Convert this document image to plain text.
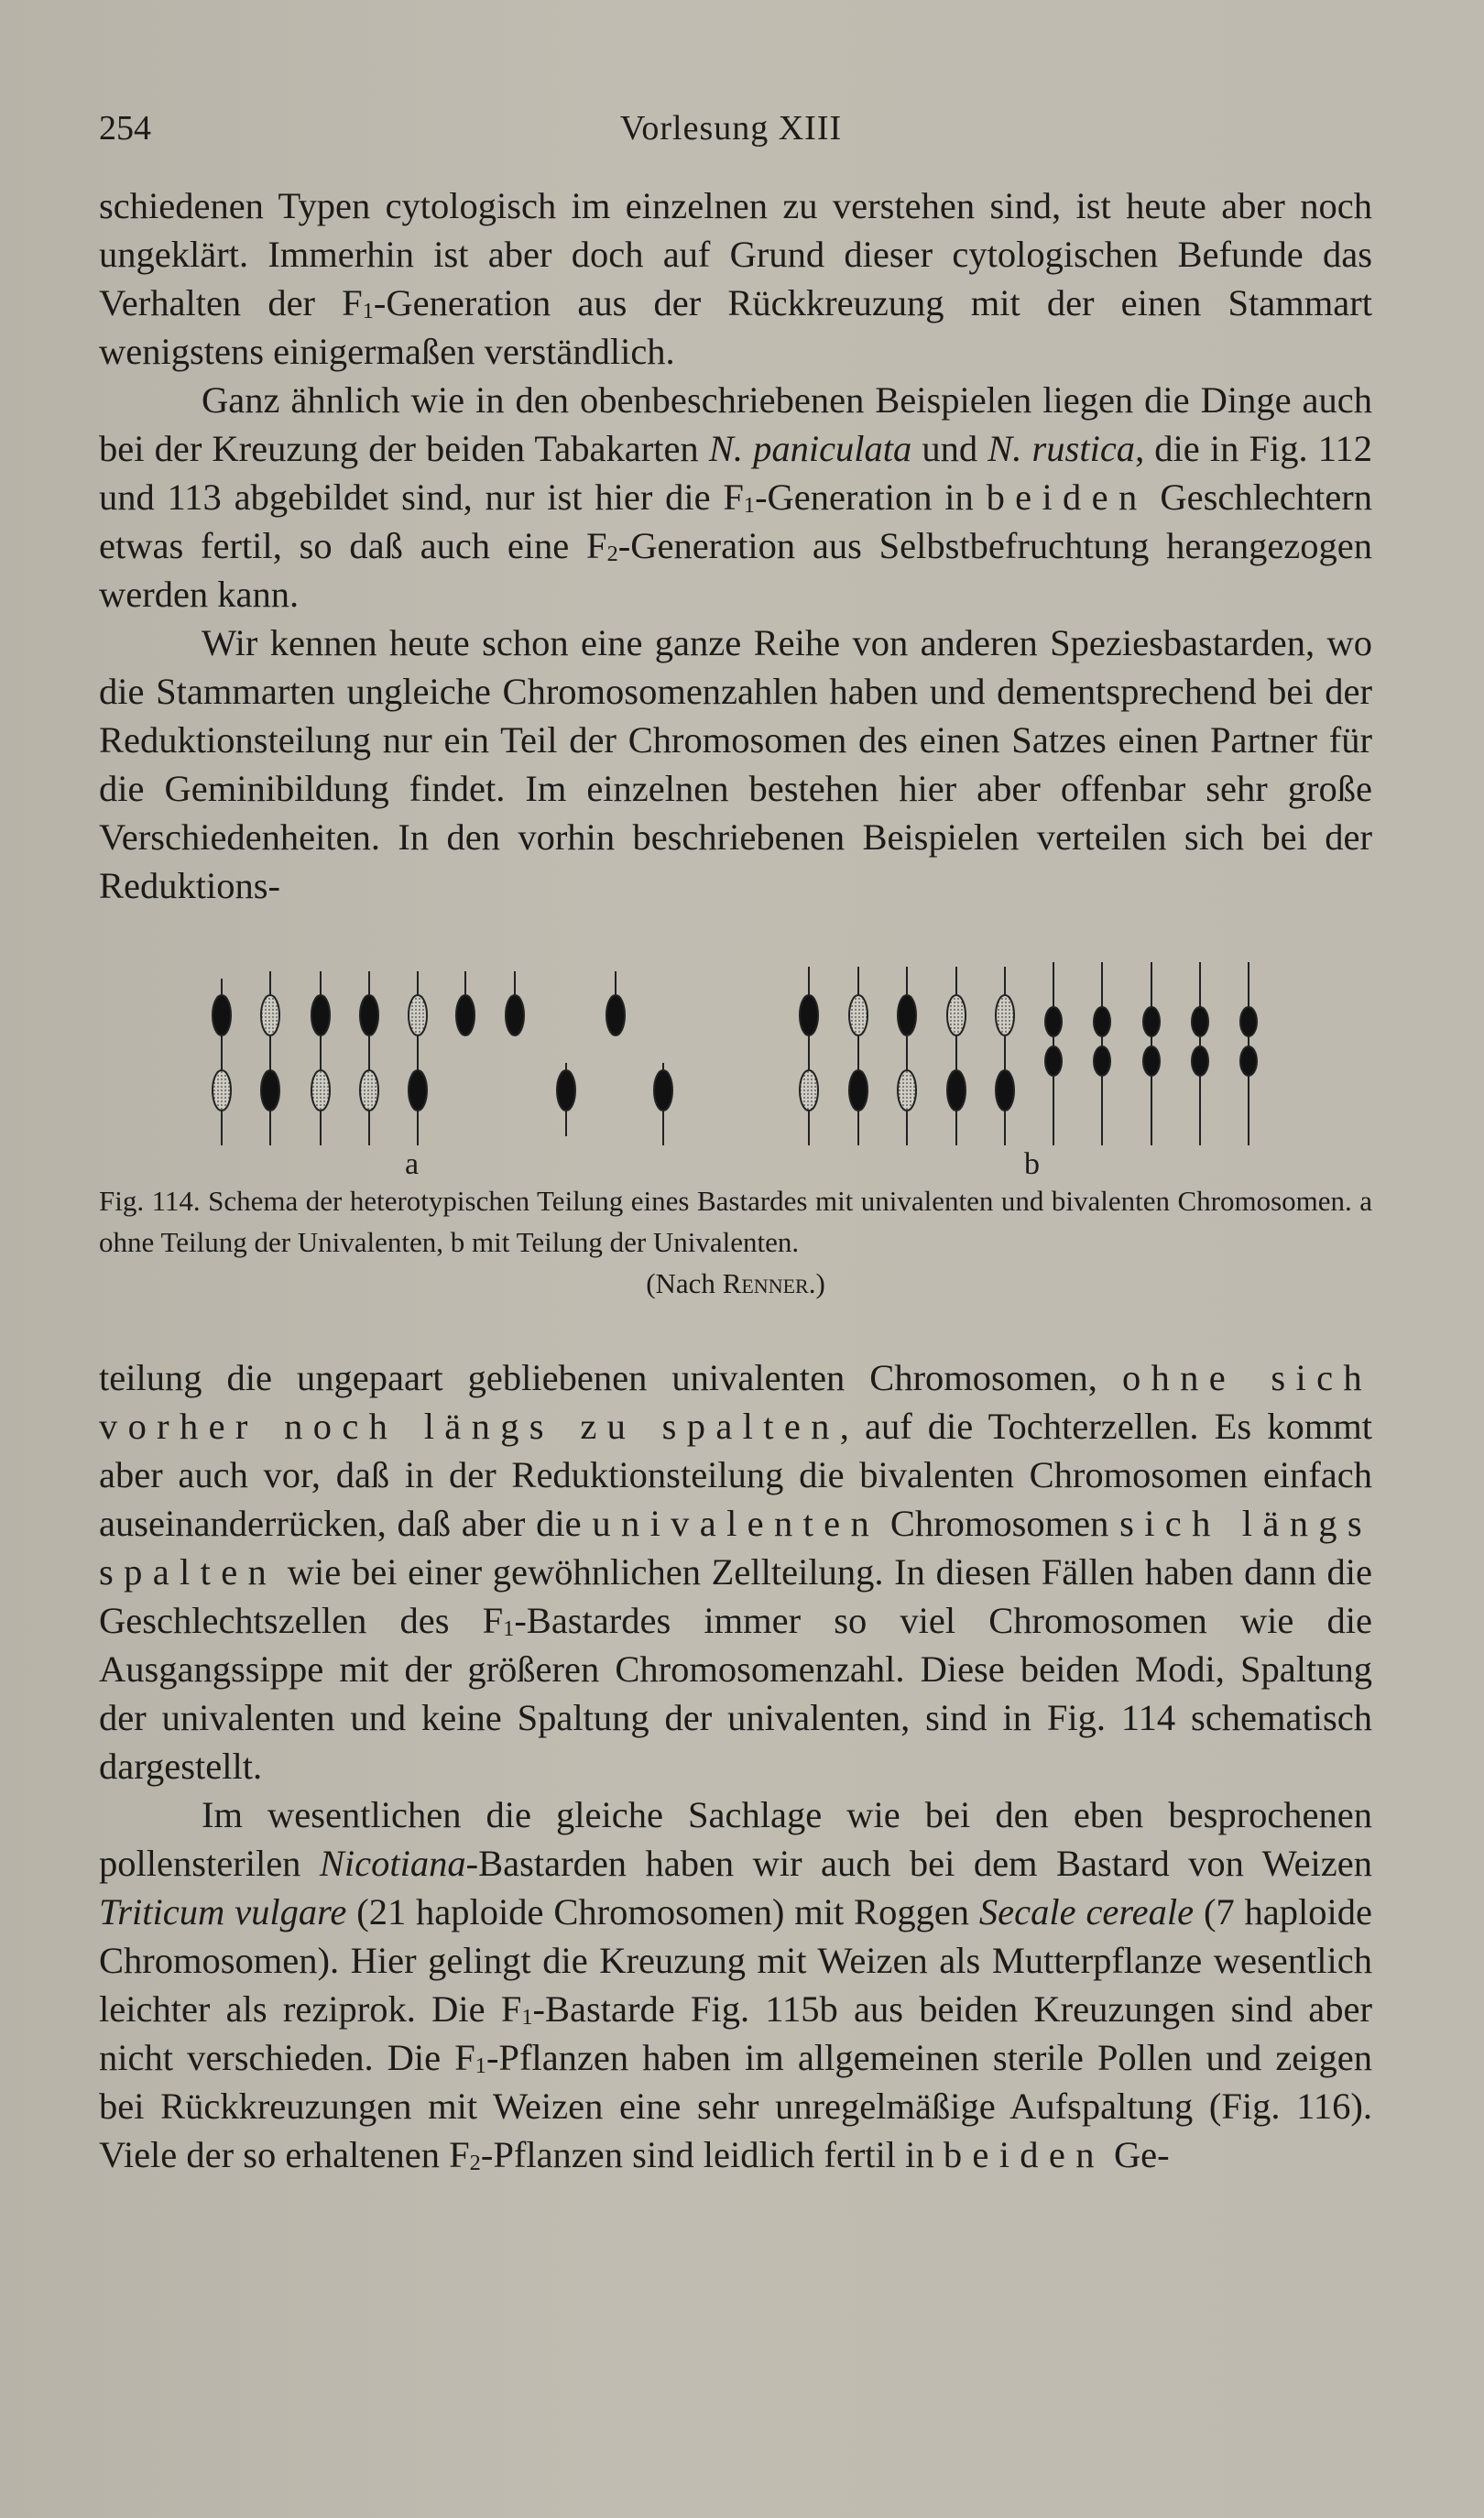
254	Vorlesung XIII

schiedenen Typen cytologisch im einzelnen zu verstehen sind, ist heute aber noch ungeklärt. Immerhin ist aber doch auf Grund dieser cytologischen Befunde das Verhalten der $F_1$-Generation aus der Rückkreuzung mit der einen Stammart wenigstens einigermaßen verständlich.

Ganz ähnlich wie in den obenbeschriebenen Beispielen liegen die Dinge auch bei der Kreuzung der beiden Tabakarten N. paniculata und N. rustica, die in Fig. 112 und 113 abgebildet sind, nur ist hier die $F_1$-Generation in beiden Geschlechtern etwas fertil, so daß auch eine $F_2$-Generation aus Selbstbefruchtung herangezogen werden kann.

Wir kennen heute schon eine ganze Reihe von anderen Speziesbastarden, wo die Stammarten ungleiche Chromosomenzahlen haben und dementsprechend bei der Reduktionsteilung nur ein Teil der Chromosomen des einen Satzes einen Partner für die Geminibildung findet. Im einzelnen bestehen hier aber offenbar sehr große Verschiedenheiten. In den vorhin beschriebenen Beispielen verteilen sich bei der Reduktions-

a	b
Fig. 114. Schema der heterotypischen Teilung eines Bastardes mit univalenten und bivalenten Chromosomen. a ohne Teilung der Univalenten, b mit Teilung der Univalenten.
(Nach Renner.)

teilung die ungepaart gebliebenen univalenten Chromosomen, ohne sich vorher noch längs zu spalten, auf die Tochterzellen. Es kommt aber auch vor, daß in der Reduktionsteilung die bivalenten Chromosomen einfach auseinanderrücken, daß aber die univalenten Chromosomen sich längs spalten wie bei einer gewöhnlichen Zellteilung. In diesen Fällen haben dann die Geschlechtszellen des $F_1$-Bastardes immer so viel Chromosomen wie die Ausgangssippe mit der größeren Chromosomenzahl. Diese beiden Modi, Spaltung der univalenten und keine Spaltung der univalenten, sind in Fig. 114 schematisch dargestellt.

Im wesentlichen die gleiche Sachlage wie bei den eben besprochenen pollensterilen Nicotiana-Bastarden haben wir auch bei dem Bastard von Weizen Triticum vulgare (21 haploide Chromosomen) mit Roggen Secale cereale (7 haploide Chromosomen). Hier gelingt die Kreuzung mit Weizen als Mutterpflanze wesentlich leichter als reziprok. Die $F_1$-Bastarde Fig. 115b aus beiden Kreuzungen sind aber nicht verschieden. Die $F_1$-Pflanzen haben im allgemeinen sterile Pollen und zeigen bei Rückkreuzungen mit Weizen eine sehr unregelmäßige Aufspaltung (Fig. 116). Viele der so erhaltenen $F_2$-Pflanzen sind leidlich fertil in beiden Ge-
